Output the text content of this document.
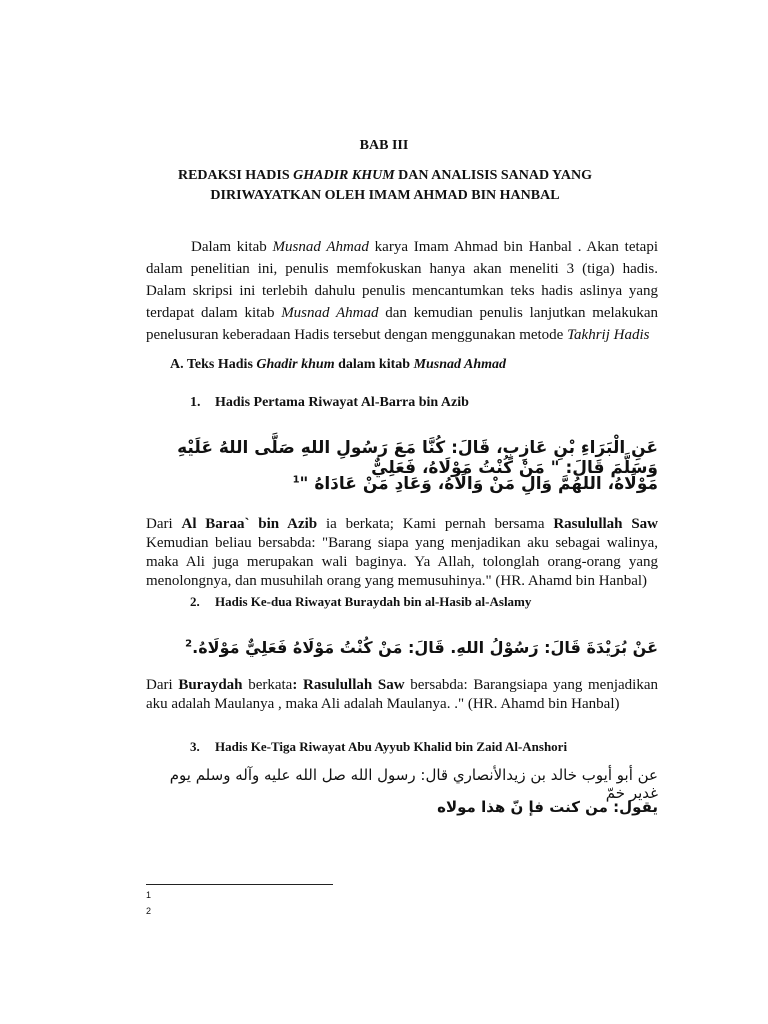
BAB III
REDAKSI HADIS GHADIR KHUM DAN ANALISIS SANAD YANG DIRIWAYATKAN OLEH IMAM AHMAD BIN HANBAL
Dalam kitab Musnad Ahmad karya Imam Ahmad bin Hanbal . Akan tetapi dalam penelitian ini, penulis memfokuskan hanya akan meneliti 3 (tiga) hadis. Dalam skripsi ini terlebih dahulu penulis mencantumkan teks hadis aslinya yang terdapat dalam kitab Musnad Ahmad dan kemudian penulis lanjutkan melakukan penelusuran keberadaan Hadis tersebut dengan menggunakan metode Takhrij Hadis
A. Teks Hadis Ghadir khum dalam kitab Musnad Ahmad
1. Hadis Pertama Riwayat Al-Barra bin Azib
عَنِ الْبَرَاءِ بْنِ عَازِبٍ، قَالَ: كُنَّا مَعَ رَسُولِ اللهِ صَلَّى اللهُ عَلَيْهِ وَسَلَّمَ قَالَ: " مَنْ كُنْتُ مَوْلَاهُ، فَعَلِيٌّ
مَوْلَاهُ، اللهُمَّ وَالِ مَنْ وَالَاهُ، وَعَادِ مَنْ عَادَاهُ "$^1$
Dari Al Baraa` bin Azib ia berkata; Kami pernah bersama Rasulullah Saw Kemudian beliau bersabda: "Barang siapa yang menjadikan aku sebagai walinya, maka Ali juga merupakan wali baginya. Ya Allah, tolonglah orang-orang yang menolongnya, dan musuhilah orang yang memusuhinya." (HR. Ahamd bin Hanbal)
2. Hadis Ke-dua Riwayat Buraydah bin al-Hasib al-Aslamy
عَنْ بُرَيْدَةَ قَالَ: رَسُوْلُ اللهِ. قَالَ: مَنْ كُنْتُ مَوْلَاهُ فَعَلِيٌّ مَوْلَاهُ.$^2$
Dari Buraydah berkata: Rasulullah Saw bersabda: Barangsiapa yang menjadikan aku adalah Maulanya , maka Ali adalah Maulanya. ." (HR. Ahamd bin Hanbal)
3. Hadis Ke-Tiga Riwayat Abu Ayyub Khalid bin Zaid Al-Anshori
عن أبو أيوب خالد بن زيدالأنصاري قال: رسول الله صل الله عليه وآله وسلم يوم غدير خمّ
يقول: من كنت فإ نّ هذا مولاه
1
2
